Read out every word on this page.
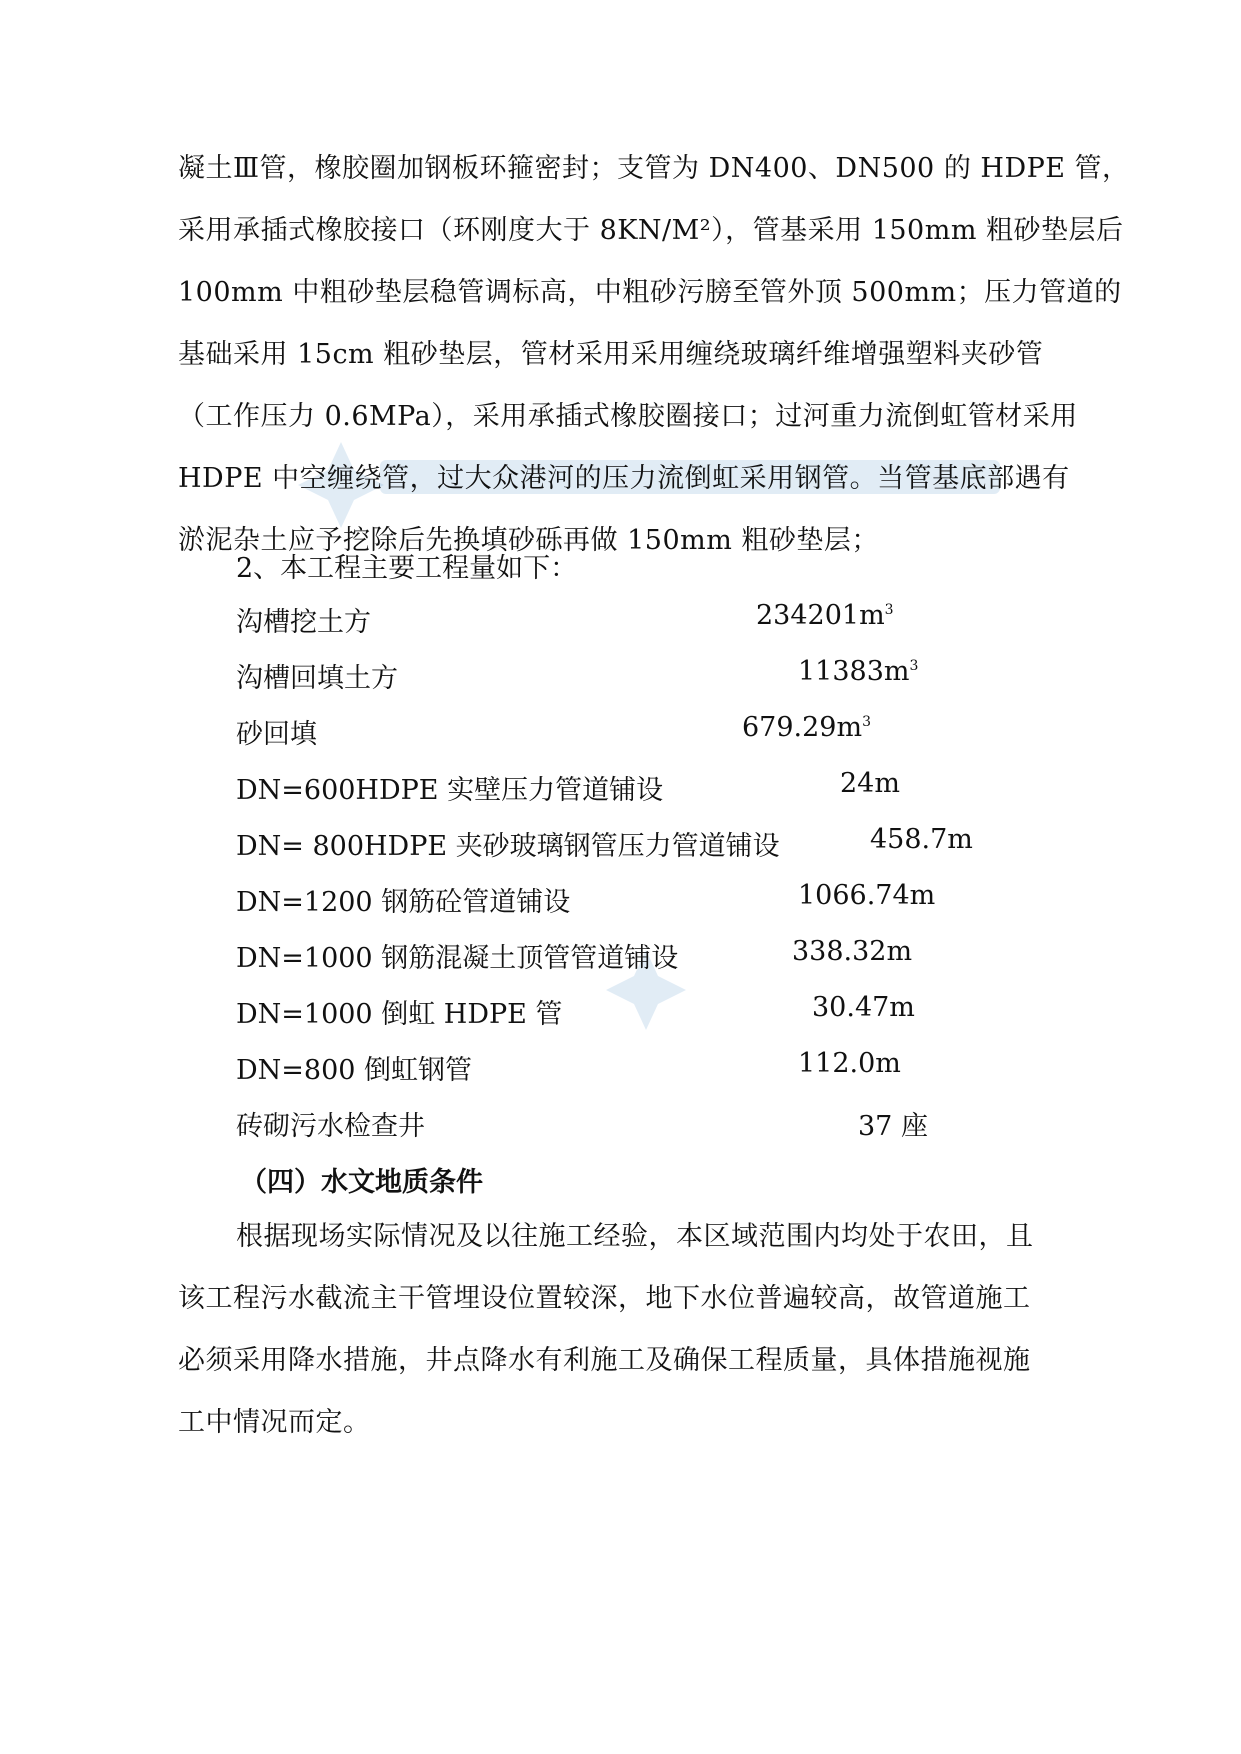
凝土Ⅲ管，橡胶圈加钢板环箍密封；支管为 DN400、DN500 的 HDPE 管，
采用承插式橡胶接口（环刚度大于 8KN/M²），管基采用 150mm 粗砂垫层后
100mm 中粗砂垫层稳管调标高，中粗砂污膀至管外顶 500mm；压力管道的
基础采用 15cm 粗砂垫层，管材采用采用缠绕玻璃纤维增强塑料夹砂管
（工作压力 0.6MPa），采用承插式橡胶圈接口；过河重力流倒虹管材采用
HDPE 中空缠绕管，过大众港河的压力流倒虹采用钢管。当管基底部遇有
淤泥杂土应予挖除后先换填砂砾再做 150mm 粗砂垫层；
2、本工程主要工程量如下：
沟槽挖土方	$234201m^3$
沟槽回填土方	$11383m^3$
砂回填	$679.29m^3$
DN=600HDPE 实壁压力管道铺设	24m
DN= 800HDPE 夹砂玻璃钢管压力管道铺设	458.7m
DN=1200 钢筋砼管道铺设	1066.74m
DN=1000 钢筋混凝土顶管管道铺设	338.32m
DN=1000 倒虹 HDPE 管	30.47m
DN=800 倒虹钢管	112.0m
砖砌污水检查井	37 座
（四）水文地质条件
根据现场实际情况及以往施工经验，本区域范围内均处于农田，且
该工程污水截流主干管埋设位置较深，地下水位普遍较高，故管道施工
必须采用降水措施，井点降水有利施工及确保工程质量，具体措施视施
工中情况而定。
